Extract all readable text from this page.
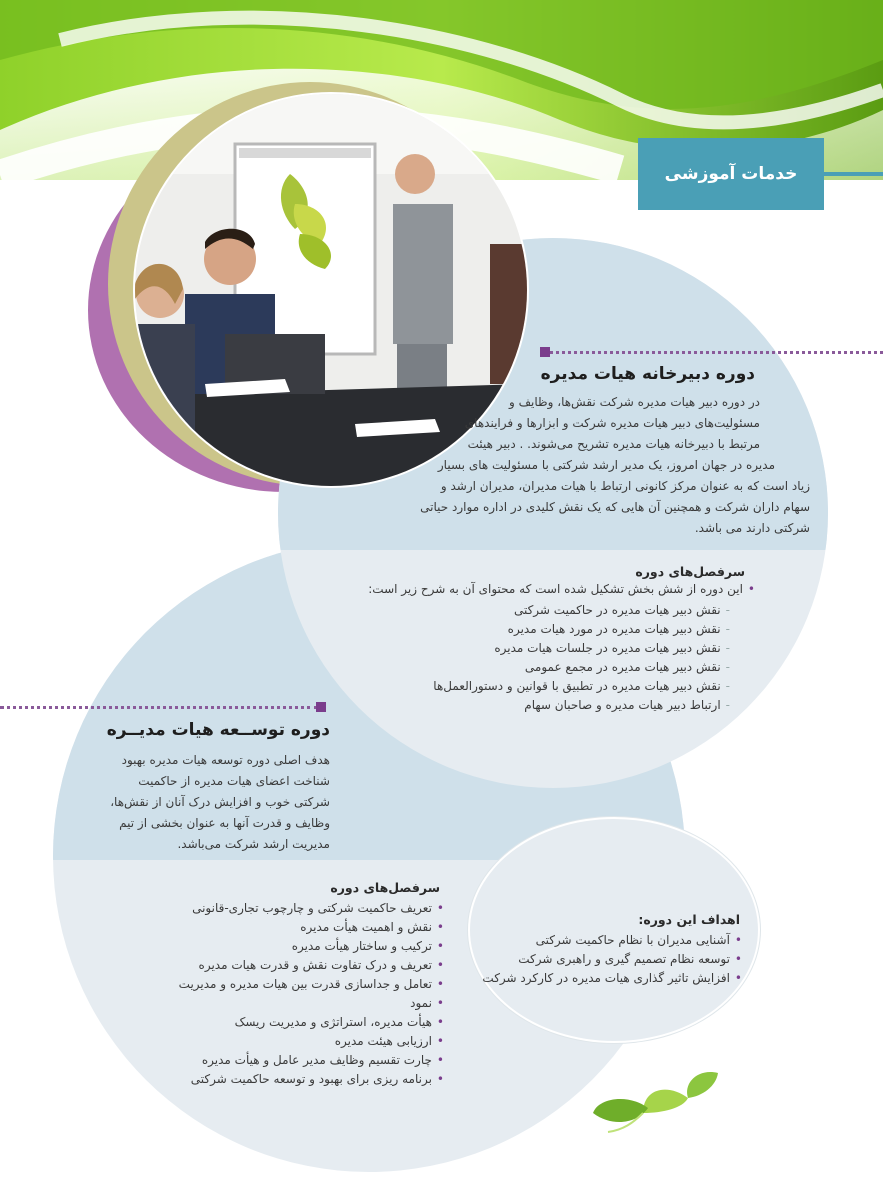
خدمات آموزشی
دوره دبیرخانه هیات مدیره
در دوره دبیر هیات مدیره شرکت نقش‌ها، وظایف و
مسئولیت‌های دبیر هیات مدیره شرکت و ابزارها و فرایندهای
مرتبط با دبیرخانه هیات مدیره تشریح می‌شوند. . دبیر هیئت
مدیره در جهان امروز، یک مدیر ارشد شرکتی با مسئولیت های بسیار
زیاد است که به عنوان مرکز کانونی ارتباط با هیات مدیران، مدیران ارشد و
سهام داران شرکت و همچنین آن هایی که یک نقش کلیدی در اداره موارد حیاتی
شرکتی دارند می باشد.
سرفصل‌های دوره
•این دوره از شش بخش تشکیل شده است که محتوای آن به شرح زیر است:
-نقش دبیر هیات مدیره در حاکمیت شرکتی
-نقش دبیر هیات مدیره در مورد هیات مدیره
-نقش دبیر هیات مدیره در جلسات هیات مدیره
-نقش دبیر هیات مدیره در مجمع عمومی
-نقش دبیر هیات مدیره در تطبیق با قوانین و دستورالعمل‌ها
-ارتباط دبیر هیات مدیره و صاحبان سهام
دوره توســعه هیات مدیــره
هدف اصلی دوره توسعه هیات مدیره بهبود
شناخت اعضای هیات مدیره از حاکمیت
شرکتی خوب و افزایش درک آنان از نقش‌ها،
وظایف و قدرت آنها به عنوان بخشی از تیم
مدیریت ارشد شرکت می‌باشد.
سرفصل‌های دوره
•تعریف حاکمیت شرکتی و چارچوب تجاری-قانونی
•نقش و اهمیت هیأت مدیره
•ترکیب و ساختار هیأت مدیره
•تعریف و درک تفاوت نقش و قدرت هیات مدیره
•تعامل و جداسازی قدرت بین هیات مدیره و مدیریت
•نمود
•هیأت مدیره، استراتژی و مدیریت ریسک
•ارزیابی هیئت مدیره
•چارت تقسیم وظایف مدیر عامل و هیأت مدیره
•برنامه ریزی برای بهبود و توسعه حاکمیت شرکتی
اهداف این دوره:
•آشنایی مدیران با نظام حاکمیت شرکتی
•توسعه نظام تصمیم گیری و راهبری شرکت
•افزایش تاثیر گذاری هیات مدیره در کارکرد شرکت
